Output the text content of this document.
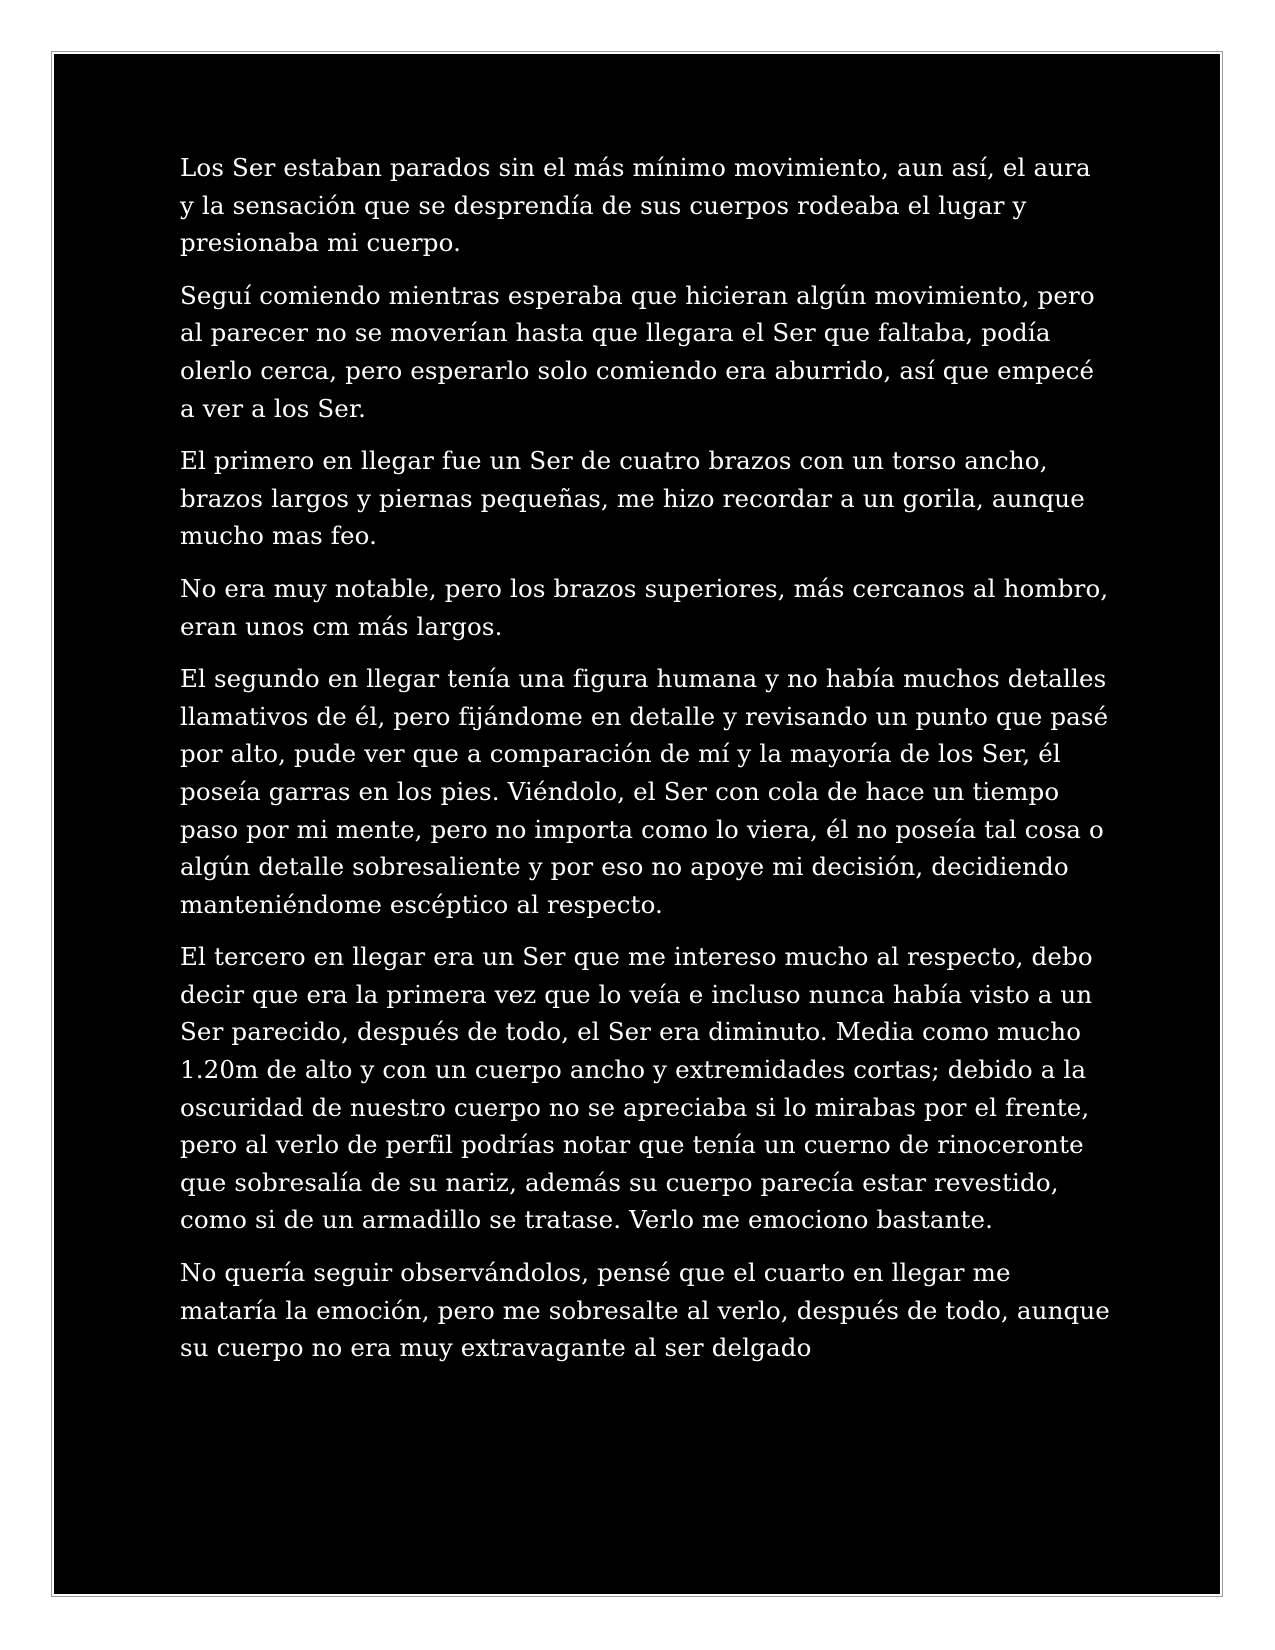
Los Ser estaban parados sin el más mínimo movimiento, aun así, el aura y la sensación que se desprendía de sus cuerpos rodeaba el lugar y presionaba mi cuerpo.

Seguí comiendo mientras esperaba que hicieran algún movimiento, pero al parecer no se moverían hasta que llegara el Ser que faltaba, podía olerlo cerca, pero esperarlo solo comiendo era aburrido, así que empecé a ver a los Ser.

El primero en llegar fue un Ser de cuatro brazos con un torso ancho, brazos largos y piernas pequeñas, me hizo recordar a un gorila, aunque mucho mas feo.

No era muy notable, pero los brazos superiores, más cercanos al hombro, eran unos cm más largos.

El segundo en llegar tenía una figura humana y no había muchos detalles llamativos de él, pero fijándome en detalle y revisando un punto que pasé por alto, pude ver que a comparación de mí y la mayoría de los Ser, él poseía garras en los pies. Viéndolo, el Ser con cola de hace un tiempo paso por mi mente, pero no importa como lo viera, él no poseía tal cosa o algún detalle sobresaliente y por eso no apoye mi decisión, decidiendo manteniéndome escéptico al respecto.

El tercero en llegar era un Ser que me intereso mucho al respecto, debo decir que era la primera vez que lo veía e incluso nunca había visto a un Ser parecido, después de todo, el Ser era diminuto. Media como mucho 1.20m de alto y con un cuerpo ancho y extremidades cortas; debido a la oscuridad de nuestro cuerpo no se apreciaba si lo mirabas por el frente, pero al verlo de perfil podrías notar que tenía un cuerno de rinoceronte que sobresalía de su nariz, además su cuerpo parecía estar revestido, como si de un armadillo se tratase. Verlo me emociono bastante.

No quería seguir observándolos, pensé que el cuarto en llegar me mataría la emoción, pero me sobresalte al verlo, después de todo, aunque su cuerpo no era muy extravagante al ser delgado
